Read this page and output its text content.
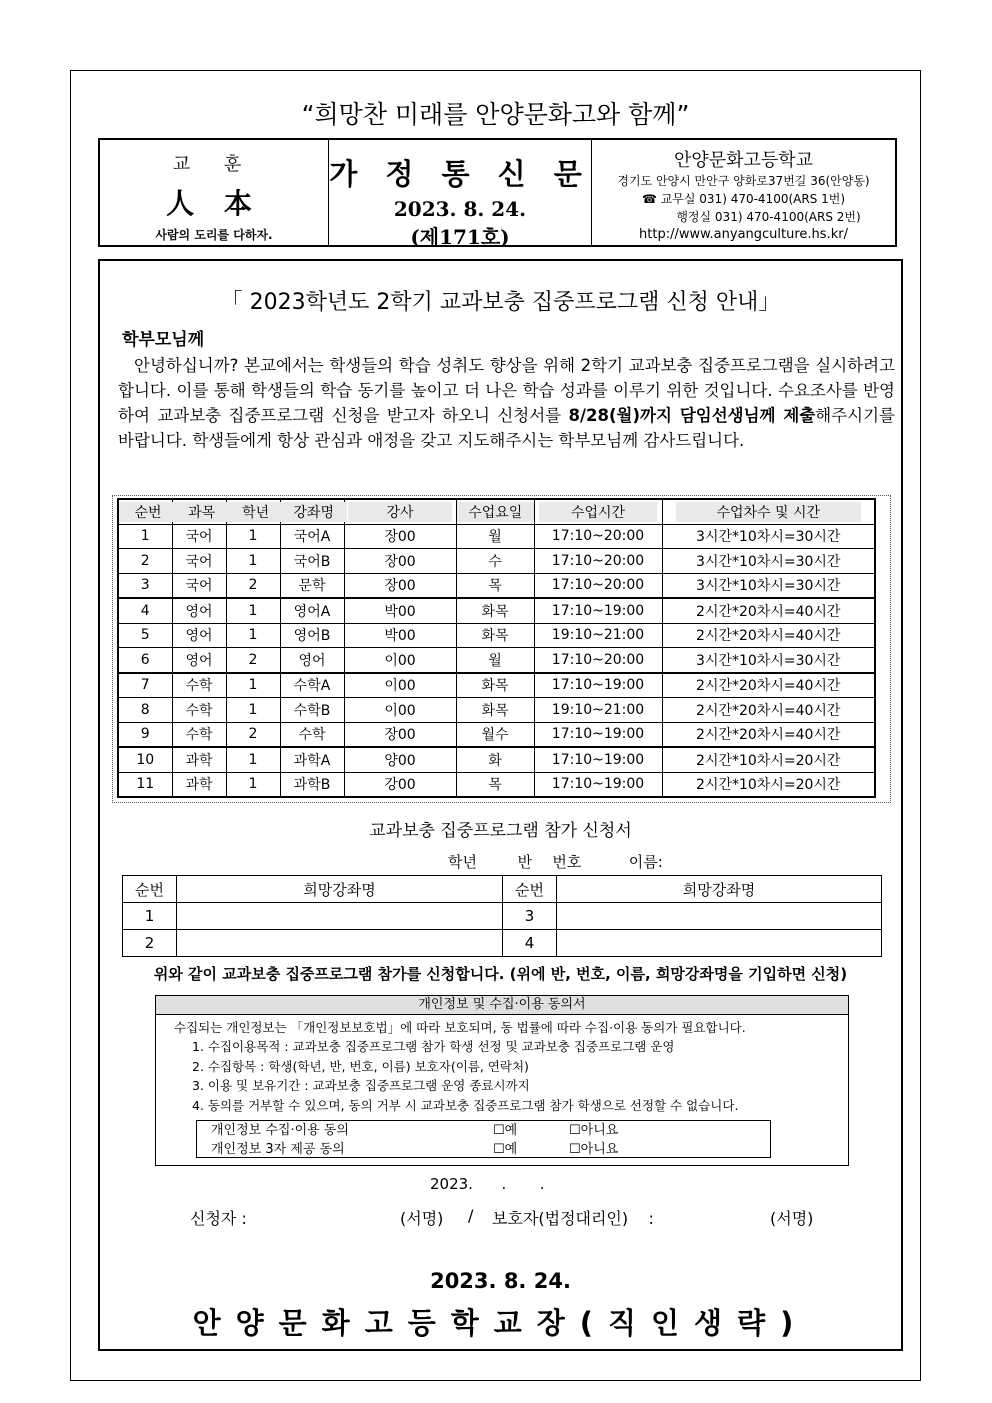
“희망찬 미래를 안양문화고와 함께”
교 훈
人 本
사람의 도리를 다하자.
가 정 통 신 문
2023. 8. 24.
(제171호)
안양문화고등학교
경기도 안양시 만안구 양화로37번길 36(안양동)
☎ 교무실 031) 470-4100(ARS 1번)
행정실 031) 470-4100(ARS 2번)
http://www.anyangculture.hs.kr/
「 2023학년도 2학기 교과보충 집중프로그램 신청 안내」
학부모님께
안녕하십니까? 본교에서는 학생들의 학습 성취도 향상을 위해 2학기 교과보충 집중프로그램을 실시하려고 합니다. 이를 통해 학생들의 학습 동기를 높이고 더 나은 학습 성과를 이루기 위한 것입니다. 수요조사를 반영하여 교과보충 집중프로그램 신청을 받고자 하오니 신청서를 8/28(월)까지 담임선생님께 제출해주시기를 바랍니다. 학생들에게 항상 관심과 애정을 갖고 지도해주시는 학부모님께 감사드립니다.
순번	과목	학년	강좌명	강사	수업요일	수업시간	수업차수 및 시간
1	국어	1	국어A	장00	월	17:10~20:00	3시간*10차시=30시간
2	국어	1	국어B	장00	수	17:10~20:00	3시간*10차시=30시간
3	국어	2	문학	장00	목	17:10~20:00	3시간*10차시=30시간
4	영어	1	영어A	박00	화목	17:10~19:00	2시간*20차시=40시간
5	영어	1	영어B	박00	화목	19:10~21:00	2시간*20차시=40시간
6	영어	2	영어	이00	월	17:10~20:00	3시간*10차시=30시간
7	수학	1	수학A	이00	화목	17:10~19:00	2시간*20차시=40시간
8	수학	1	수학B	이00	화목	19:10~21:00	2시간*20차시=40시간
9	수학	2	수학	장00	월수	17:10~19:00	2시간*20차시=40시간
10	과학	1	과학A	양00	화	17:10~19:00	2시간*10차시=20시간
11	과학	1	과학B	강00	목	17:10~19:00	2시간*10차시=20시간
교과보충 집중프로그램 참가 신청서
학년      반   번호       이름:
순번	희망강좌명	순번	희망강좌명
1		3	
2		4	
위와 같이 교과보충 집중프로그램 참가를 신청합니다. (위에 반, 번호, 이름, 희망강좌명을 기입하면 신청)
개인정보 및 수집·이용 동의서
수집되는 개인정보는 「개인정보보호법」에 따라 보호되며, 동 법률에 따라 수집·이용 동의가 필요합니다.
1. 수집이용목적 : 교과보충 집중프로그램 참가 학생 선정 및 교과보충 집중프로그램 운영
2. 수집항목 : 학생(학년, 반, 번호, 이름) 보호자(이름, 연락처)
3. 이용 및 보유기간 : 교과보충 집중프로그램 운영 종료시까지
4. 동의를 거부할 수 있으며, 동의 거부 시 교과보충 집중프로그램 참가 학생으로 선정할 수 없습니다.
개인정보 수집·이용 동의	☐예	☐아니요
개인정보 3자 제공 동의	☐예	☐아니요
2023.      .       .
신청자 :	(서명) / 보호자(법정대리인)    :	(서명)
2023. 8. 24.
안양문화고등학교장(직인생략)
